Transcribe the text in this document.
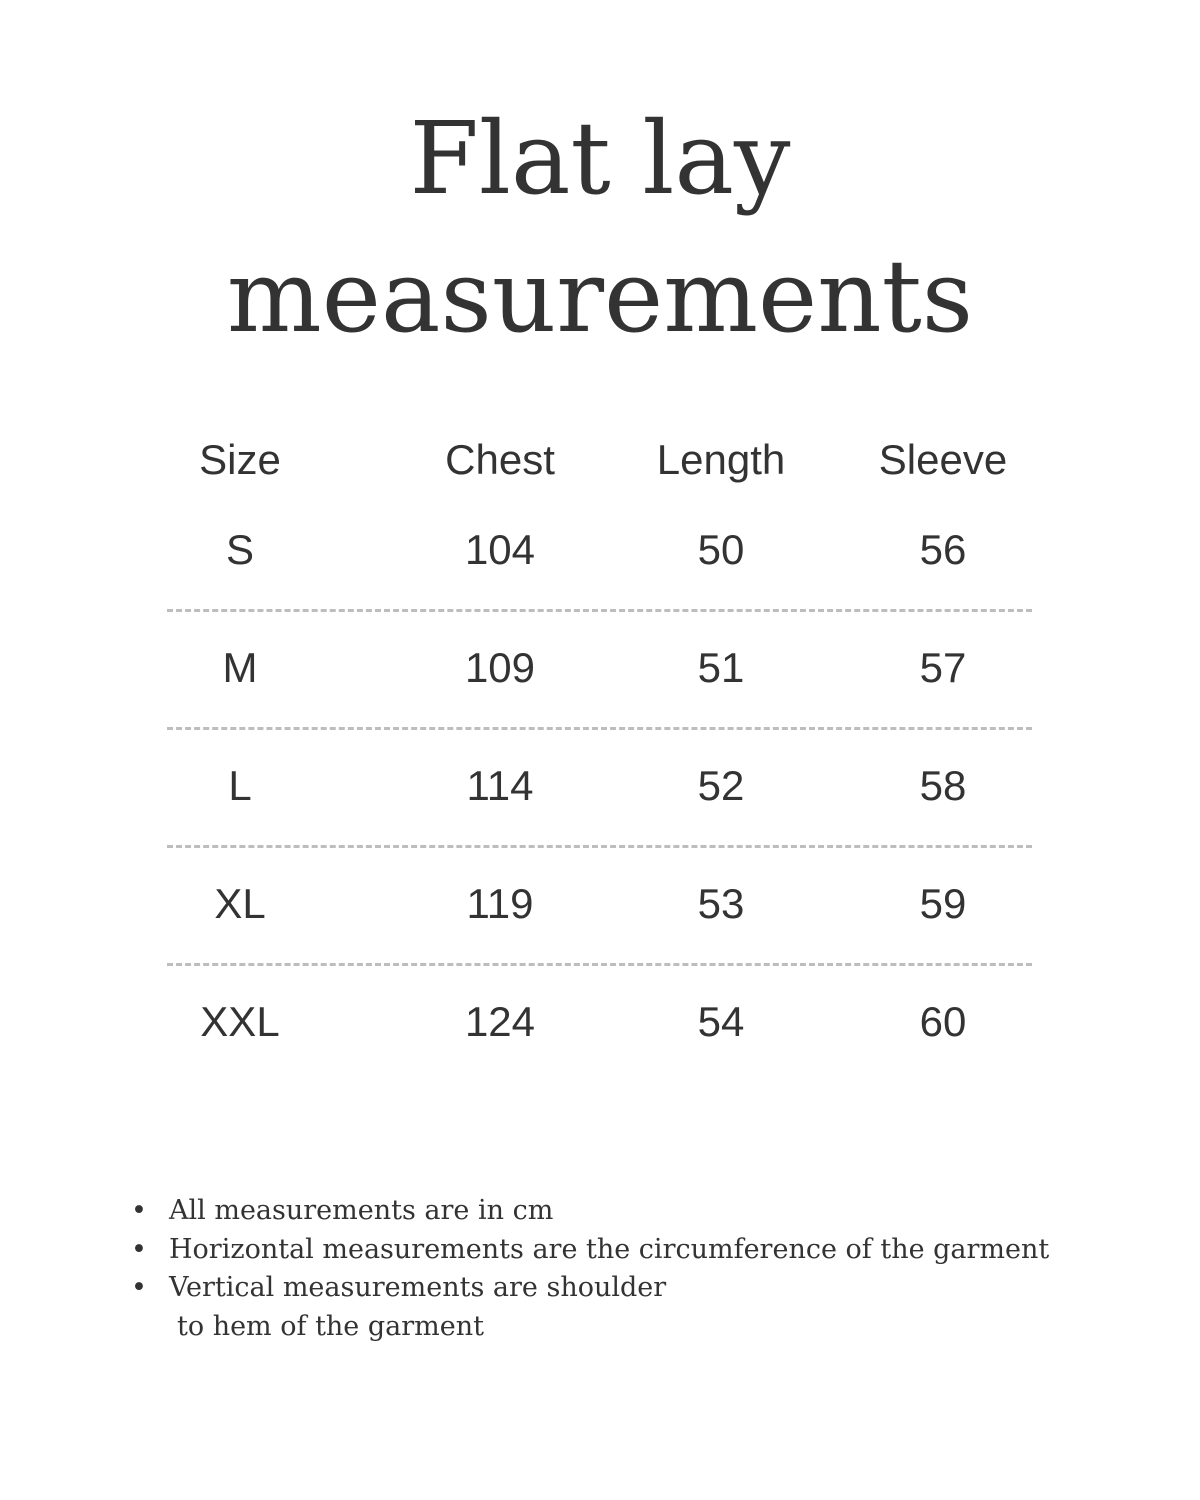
Flat lay
measurements
Size	Chest	Length	Sleeve
S	104	50	56
M	109	51	57
L	114	52	58
XL	119	53	59
XXL	124	54	60
• All measurements are in cm
• Horizontal measurements are the circumference of the garment
• Vertical measurements are shoulder
to hem of the garment
